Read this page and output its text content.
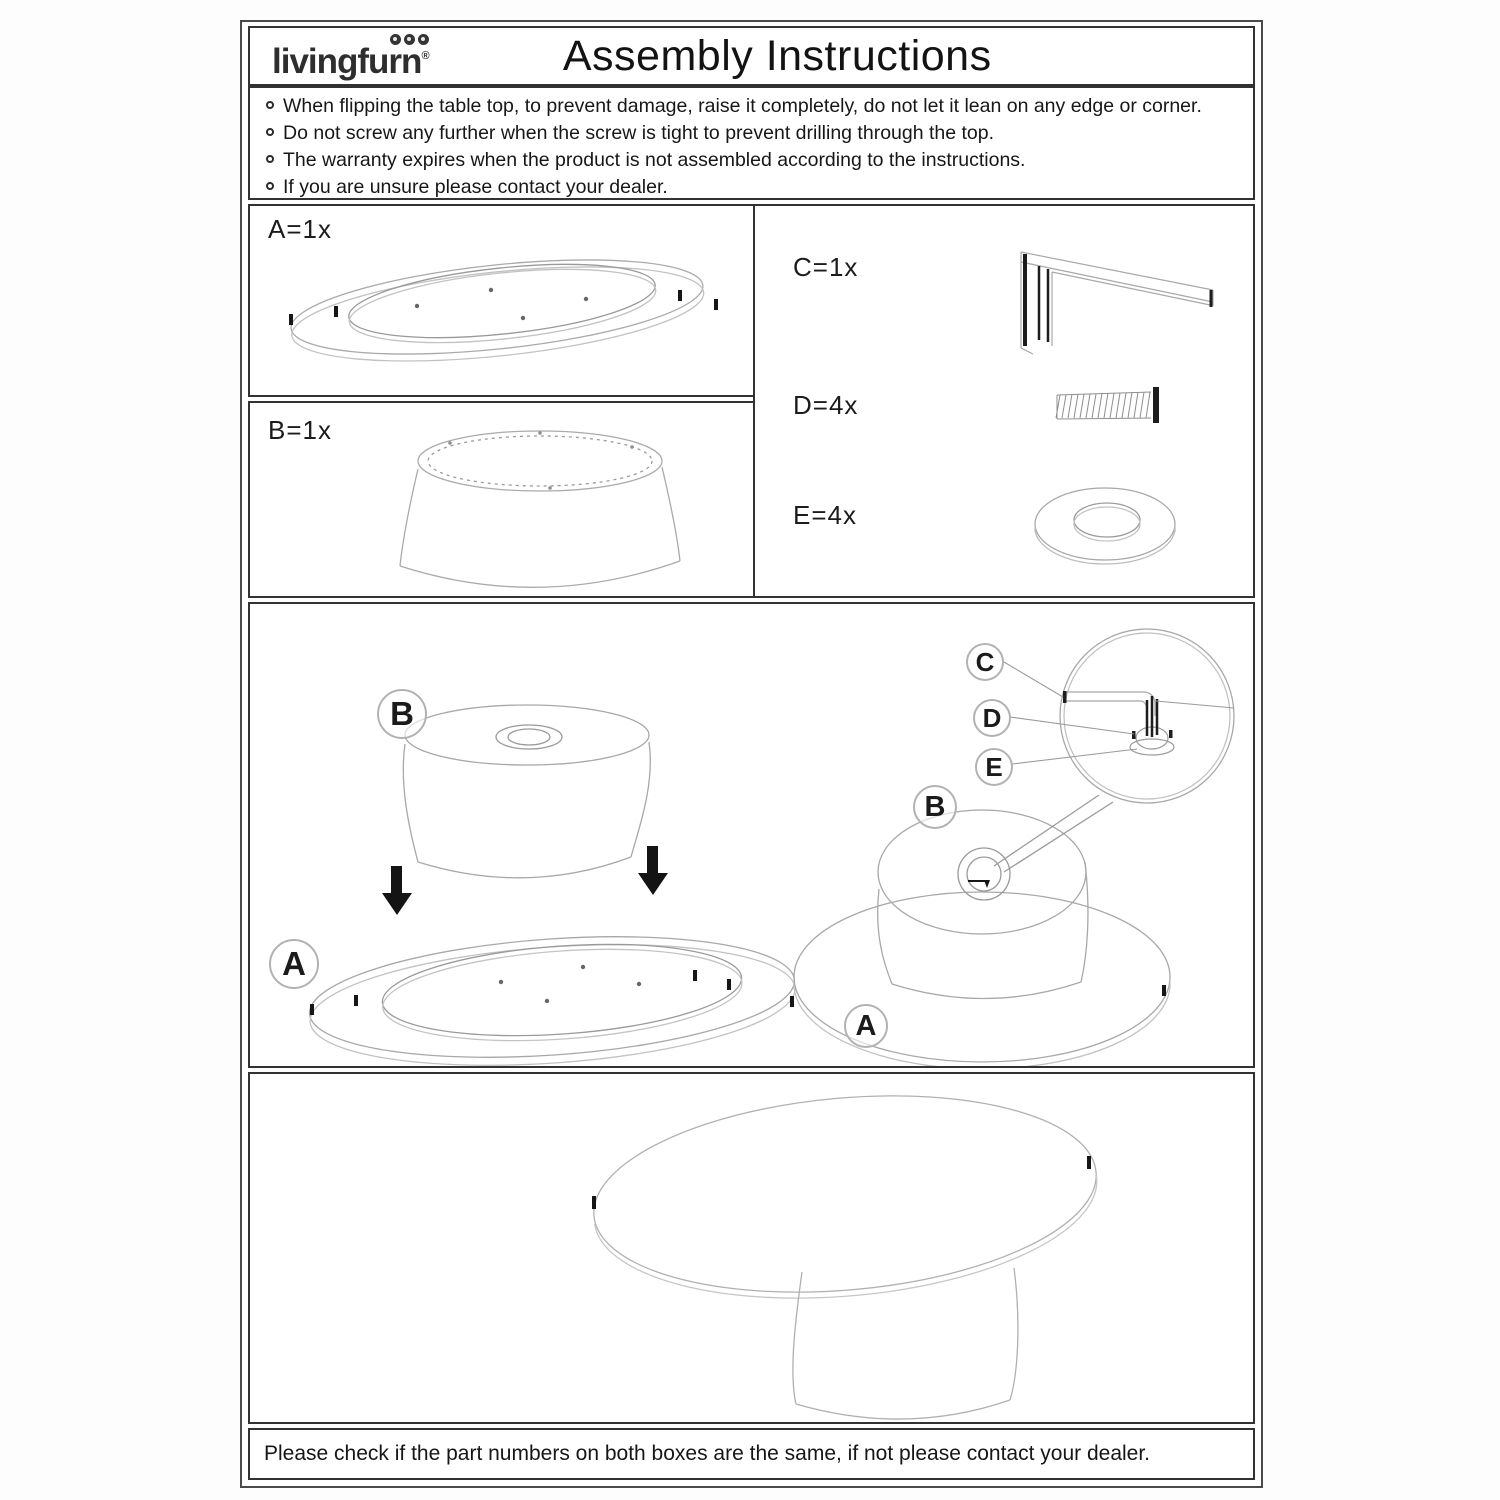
livingfurn®	Assembly Instructions
When flipping the table top, to prevent damage, raise it completely, do not let it lean on any edge or corner.
Do not screw any further when the screw is tight to prevent drilling through the top.
The warranty expires when the product is not assembled according to the instructions.
If you are unsure please contact your dealer.
A=1x
B=1x
C=1x
D=4x
E=4x
B
A
C
D
E
B
A
Please check if the part numbers on both boxes are the same, if not please contact your dealer.
